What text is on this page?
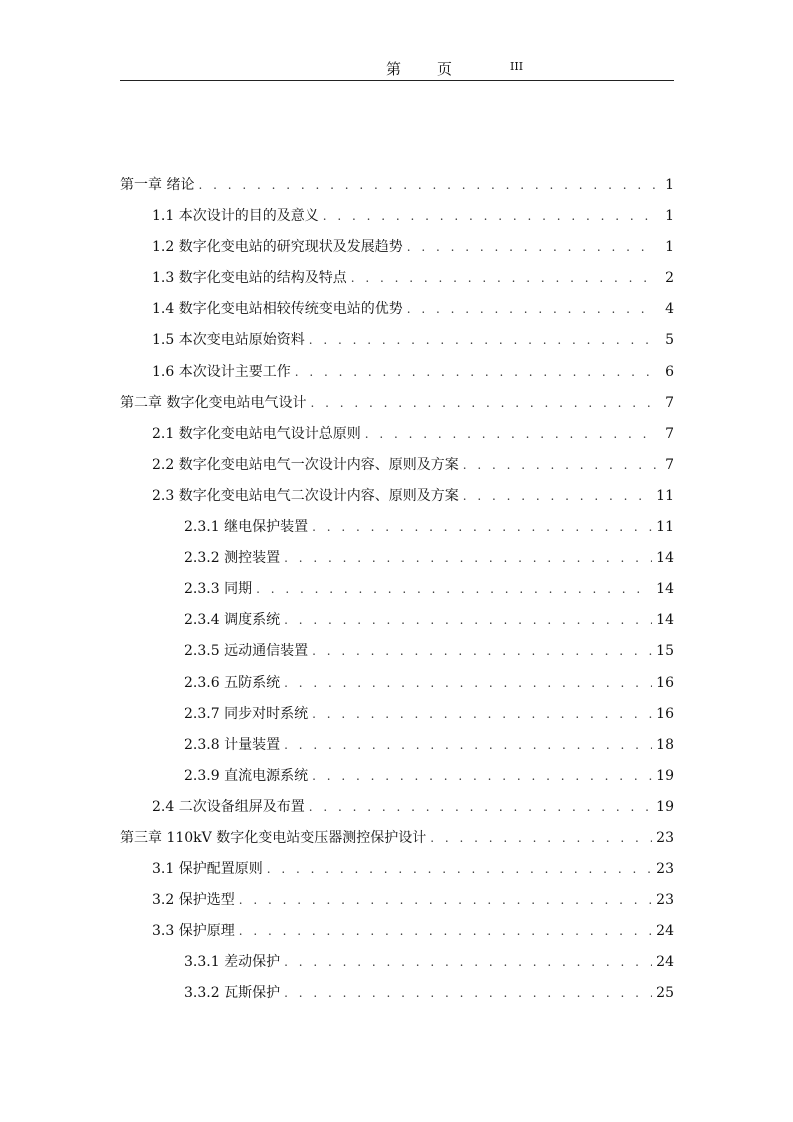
第　　页	III
第一章 绪论 . . .	1
1.1 本次设计的目的及意义 . . .	1
1.2 数字化变电站的研究现状及发展趋势 . . .	1
1.3 数字化变电站的结构及特点 . . .	2
1.4 数字化变电站相较传统变电站的优势 . . .	4
1.5 本次变电站原始资料 . . .	5
1.6 本次设计主要工作 . . .	6
第二章 数字化变电站电气设计 . . .	7
2.1 数字化变电站电气设计总原则 . . .	7
2.2 数字化变电站电气一次设计内容、原则及方案 . . .	7
2.3 数字化变电站电气二次设计内容、原则及方案 . . .	11
2.3.1 继电保护装置 . . .	11
2.3.2 测控装置 . . .	14
2.3.3 同期 . . .	14
2.3.4 调度系统 . . .	14
2.3.5 远动通信装置 . . .	15
2.3.6 五防系统 . . .	16
2.3.7 同步对时系统 . . .	16
2.3.8 计量装置 . . .	18
2.3.9 直流电源系统 . . .	19
2.4 二次设备组屏及布置 . . .	19
第三章 110kV 数字化变电站变压器测控保护设计 . . .	23
3.1 保护配置原则 . . .	23
3.2 保护选型 . . .	23
3.3 保护原理 . . .	24
3.3.1 差动保护 . . .	24
3.3.2 瓦斯保护 . . .	25
